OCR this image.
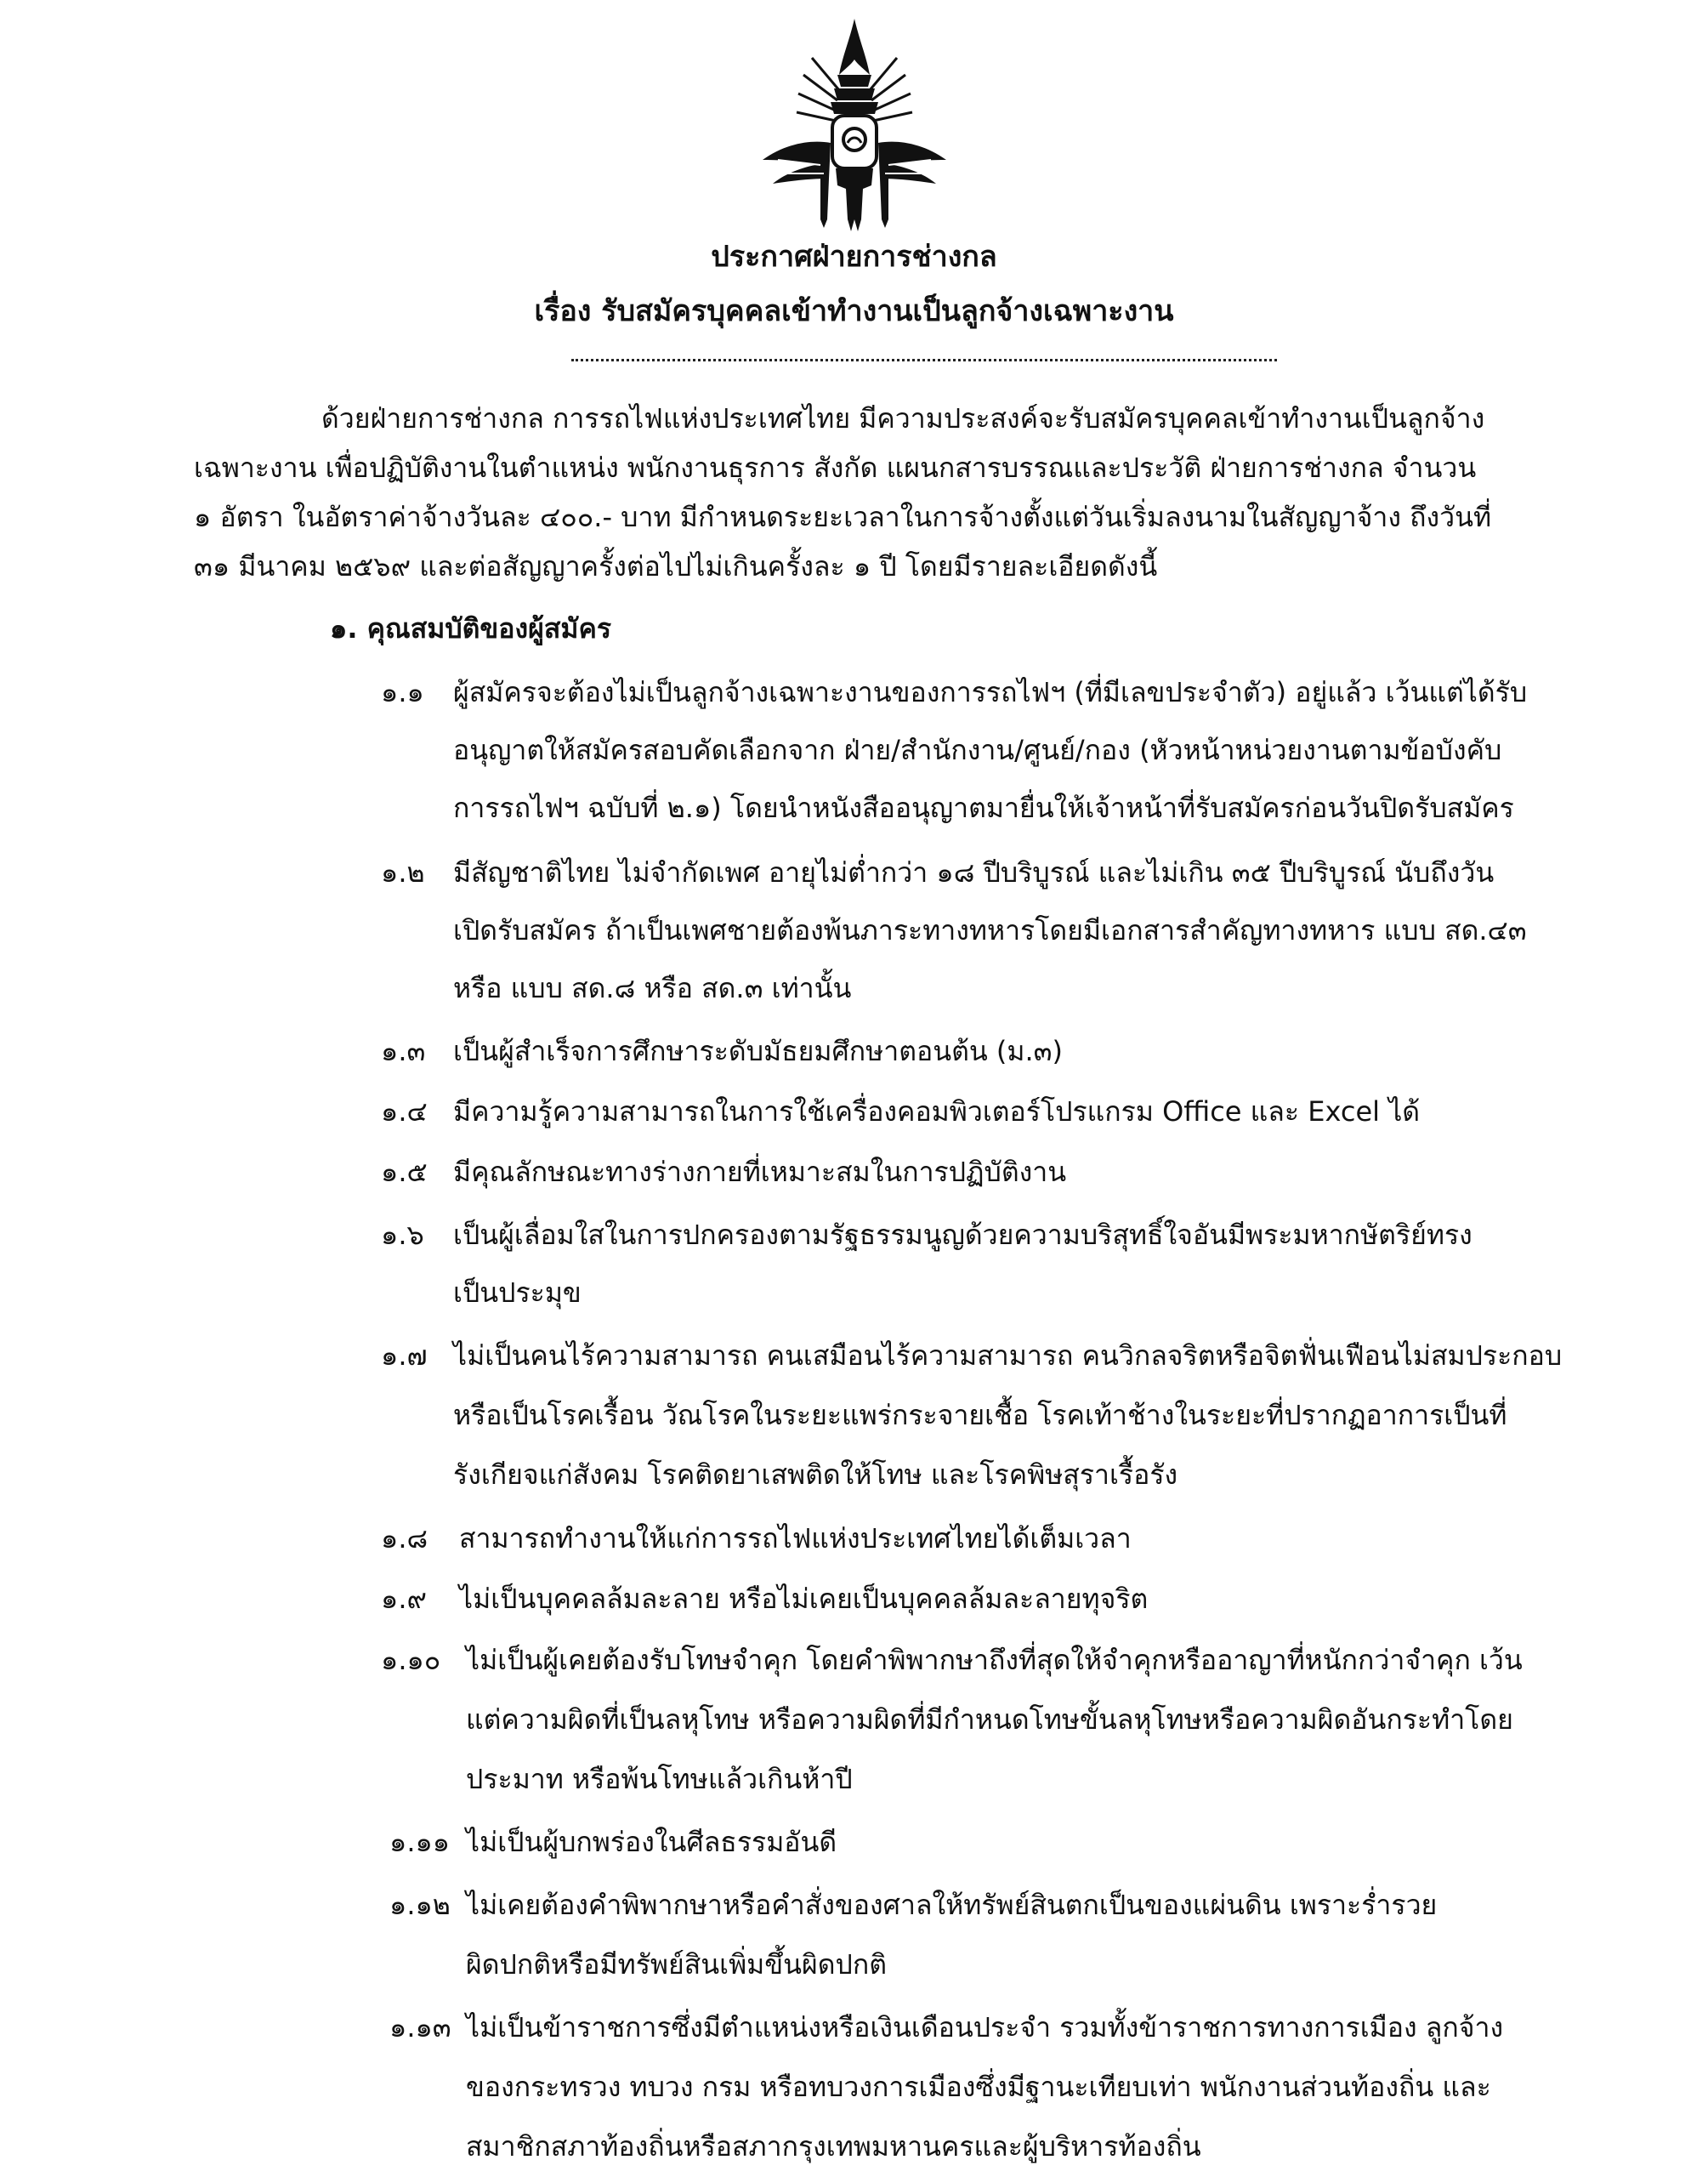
ประกาศฝ่ายการช่างกล
เรื่อง รับสมัครบุคคลเข้าทำงานเป็นลูกจ้างเฉพาะงาน
ด้วยฝ่ายการช่างกล การรถไฟแห่งประเทศไทย มีความประสงค์จะรับสมัครบุคคลเข้าทำงานเป็นลูกจ้าง
เฉพาะงาน เพื่อปฏิบัติงานในตำแหน่ง พนักงานธุรการ สังกัด แผนกสารบรรณและประวัติ ฝ่ายการช่างกล จำนวน
๑ อัตรา ในอัตราค่าจ้างวันละ ๔๐๐.- บาท มีกำหนดระยะเวลาในการจ้างตั้งแต่วันเริ่มลงนามในสัญญาจ้าง ถึงวันที่
๓๑ มีนาคม ๒๕๖๙ และต่อสัญญาครั้งต่อไปไม่เกินครั้งละ ๑ ปี โดยมีรายละเอียดดังนี้
๑. คุณสมบัติของผู้สมัคร
๑.๑ ผู้สมัครจะต้องไม่เป็นลูกจ้างเฉพาะงานของการรถไฟฯ (ที่มีเลขประจำตัว) อยู่แล้ว เว้นแต่ได้รับ
อนุญาตให้สมัครสอบคัดเลือกจาก ฝ่าย/สำนักงาน/ศูนย์/กอง (หัวหน้าหน่วยงานตามข้อบังคับ
การรถไฟฯ ฉบับที่ ๒.๑) โดยนำหนังสืออนุญาตมายื่นให้เจ้าหน้าที่รับสมัครก่อนวันปิดรับสมัคร
๑.๒ มีสัญชาติไทย ไม่จำกัดเพศ อายุไม่ต่ำกว่า ๑๘ ปีบริบูรณ์ และไม่เกิน ๓๕ ปีบริบูรณ์ นับถึงวัน
เปิดรับสมัคร ถ้าเป็นเพศชายต้องพ้นภาระทางทหารโดยมีเอกสารสำคัญทางทหาร แบบ สด.๔๓
หรือ แบบ สด.๘ หรือ สด.๓ เท่านั้น
๑.๓ เป็นผู้สำเร็จการศึกษาระดับมัธยมศึกษาตอนต้น (ม.๓)
๑.๔ มีความรู้ความสามารถในการใช้เครื่องคอมพิวเตอร์โปรแกรม Office และ Excel ได้
๑.๕ มีคุณลักษณะทางร่างกายที่เหมาะสมในการปฏิบัติงาน
๑.๖ เป็นผู้เลื่อมใสในการปกครองตามรัฐธรรมนูญด้วยความบริสุทธิ์ใจอันมีพระมหากษัตริย์ทรง
เป็นประมุข
๑.๗ ไม่เป็นคนไร้ความสามารถ คนเสมือนไร้ความสามารถ คนวิกลจริตหรือจิตฟั่นเฟือนไม่สมประกอบ
หรือเป็นโรคเรื้อน วัณโรคในระยะแพร่กระจายเชื้อ โรคเท้าช้างในระยะที่ปรากฏอาการเป็นที่
รังเกียจแก่สังคม โรคติดยาเสพติดให้โทษ และโรคพิษสุราเรื้อรัง
๑.๘ สามารถทำงานให้แก่การรถไฟแห่งประเทศไทยได้เต็มเวลา
๑.๙ ไม่เป็นบุคคลล้มละลาย หรือไม่เคยเป็นบุคคลล้มละลายทุจริต
๑.๑๐ ไม่เป็นผู้เคยต้องรับโทษจำคุก โดยคำพิพากษาถึงที่สุดให้จำคุกหรืออาญาที่หนักกว่าจำคุก เว้น
แต่ความผิดที่เป็นลหุโทษ หรือความผิดที่มีกำหนดโทษขั้นลหุโทษหรือความผิดอันกระทำโดย
ประมาท หรือพ้นโทษแล้วเกินห้าปี
๑.๑๑ ไม่เป็นผู้บกพร่องในศีลธรรมอันดี
๑.๑๒ ไม่เคยต้องคำพิพากษาหรือคำสั่งของศาลให้ทรัพย์สินตกเป็นของแผ่นดิน เพราะร่ำรวย
ผิดปกติหรือมีทรัพย์สินเพิ่มขึ้นผิดปกติ
๑.๑๓ ไม่เป็นข้าราชการซึ่งมีตำแหน่งหรือเงินเดือนประจำ รวมทั้งข้าราชการทางการเมือง ลูกจ้าง
ของกระทรวง ทบวง กรม หรือทบวงการเมืองซึ่งมีฐานะเทียบเท่า พนักงานส่วนท้องถิ่น และ
สมาชิกสภาท้องถิ่นหรือสภากรุงเทพมหานครและผู้บริหารท้องถิ่น
